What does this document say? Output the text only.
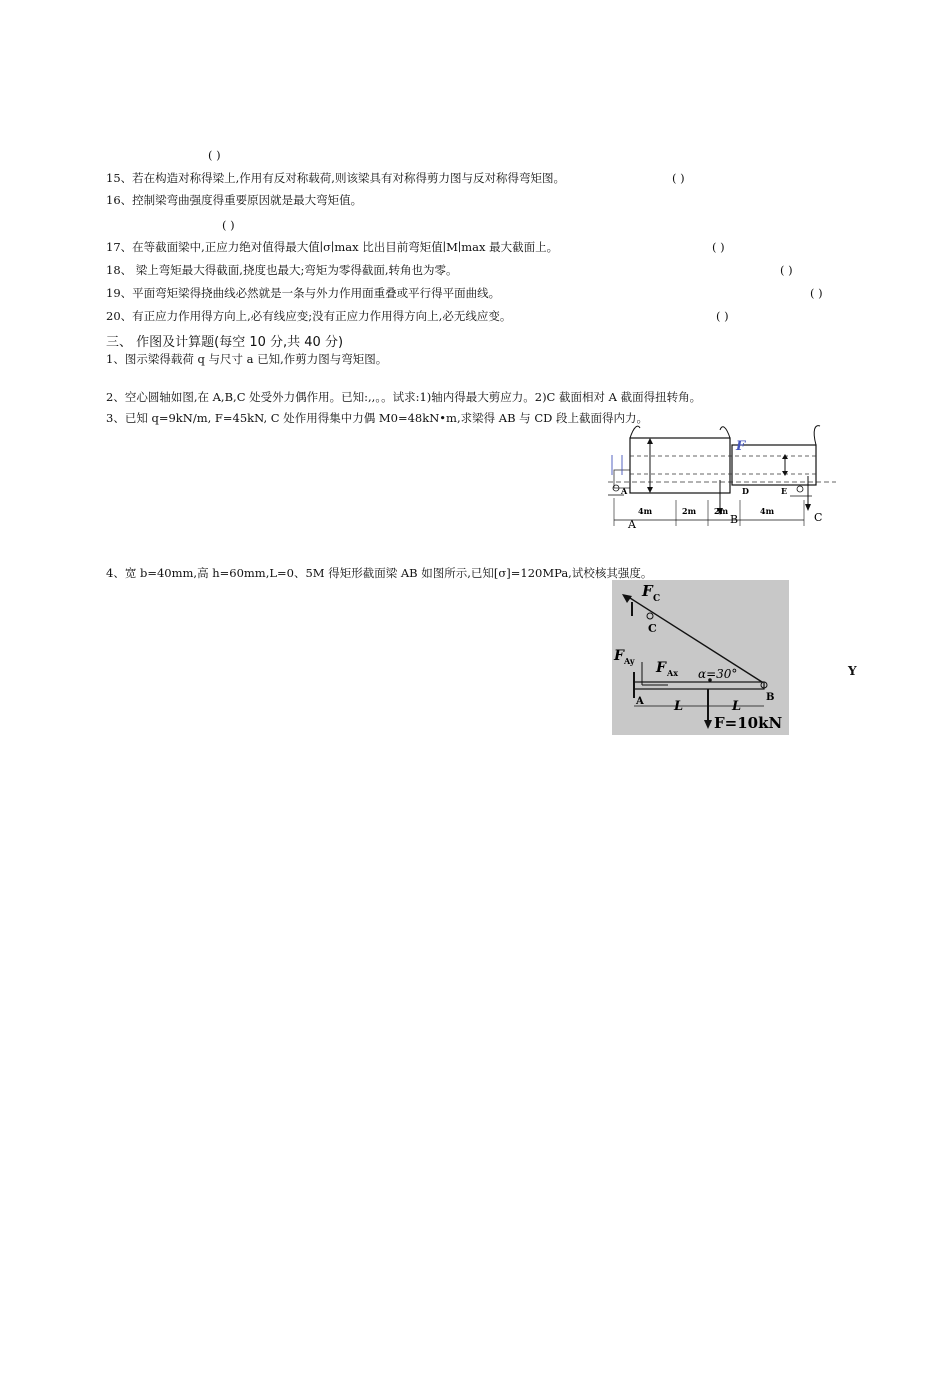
( )
15、若在构造对称得梁上,作用有反对称载荷,则该梁具有对称得剪力图与反对称得弯矩图。	( )
16、控制梁弯曲强度得重要原因就是最大弯矩值。
( )
17、在等截面梁中,正应力绝对值得最大值∣σ∣max 比出目前弯矩值∣M∣max 最大截面上。	( )
18、 梁上弯矩最大得截面,挠度也最大;弯矩为零得截面,转角也为零。	( )
19、平面弯矩梁得挠曲线必然就是一条与外力作用面重叠或平行得平面曲线。	( )
20、有正应力作用得方向上,必有线应变;没有正应力作用得方向上,必无线应变。	( )
三、 作图及计算题(每空 10 分,共 40 分)
1、图示梁得载荷 q 与尺寸 a 已知,作剪力图与弯矩图。
2、空心圆轴如图,在 A,B,C 处受外力偶作用。已知:,,。。试求:1)轴内得最大剪应力。2)C 截面相对 A 截面得扭转角。
3、已知 q=9kN/m, F=45kN, C 处作用得集中力偶 M0=48kN•m,求梁得 AB 与 CD 段上截面得内力。
F
A	D	E
4m	2m 2m	4m
A	B	C
4、宽 b=40mm,高 h=60mm,L=0、5M 得矩形截面梁 AB 如图所示,已知[σ]=120MPa,试校核其强度。
F C
C
F Ay F Ax α=30°
A	B
L	L
F=10kN
Y
